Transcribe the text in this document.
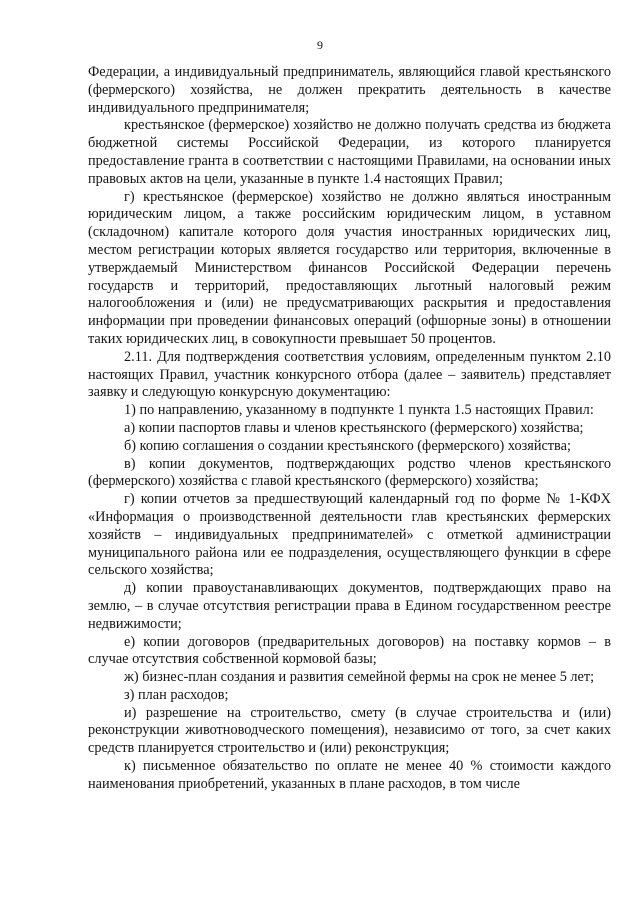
9

Федерации, а индивидуальный предприниматель, являющийся главой крестьянского (фермерского) хозяйства, не должен прекратить деятельность в качестве индивидуального предпринимателя;

крестьянское (фермерское) хозяйство не должно получать средства из бюджета бюджетной системы Российской Федерации, из которого планируется предоставление гранта в соответствии с настоящими Правилами, на основании иных правовых актов на цели, указанные в пункте 1.4 настоящих Правил;

г) крестьянское (фермерское) хозяйство не должно являться иностранным юридическим лицом, а также российским юридическим лицом, в уставном (складочном) капитале которого доля участия иностранных юридических лиц, местом регистрации которых является государство или территория, включенные в утверждаемый Министерством финансов Российской Федерации перечень государств и территорий, предоставляющих льготный налоговый режим налогообложения и (или) не предусматривающих раскрытия и предоставления информации при проведении финансовых операций (офшорные зоны) в отношении таких юридических лиц, в совокупности превышает 50 процентов.

2.11. Для подтверждения соответствия условиям, определенным пунктом 2.10 настоящих Правил, участник конкурсного отбора (далее – заявитель) представляет заявку и следующую конкурсную документацию:

1) по направлению, указанному в подпункте 1 пункта 1.5 настоящих Правил:

а) копии паспортов главы и членов крестьянского (фермерского) хозяйства;

б) копию соглашения о создании крестьянского (фермерского) хозяйства;

в) копии документов, подтверждающих родство членов крестьянского (фермерского) хозяйства с главой крестьянского (фермерского) хозяйства;

г) копии отчетов за предшествующий календарный год по форме № 1-КФХ «Информация о производственной деятельности глав крестьянских фермерских хозяйств – индивидуальных предпринимателей» с отметкой администрации муниципального района или ее подразделения, осуществляющего функции в сфере сельского хозяйства;

д) копии правоустанавливающих документов, подтверждающих право на землю, – в случае отсутствия регистрации права в Едином государственном реестре недвижимости;

е) копии договоров (предварительных договоров) на поставку кормов – в случае отсутствия собственной кормовой базы;

ж) бизнес-план создания и развития семейной фермы на срок не менее 5 лет;

з) план расходов;

и) разрешение на строительство, смету (в случае строительства и (или) реконструкции животноводческого помещения), независимо от того, за счет каких средств планируется строительство и (или) реконструкция;

к) письменное обязательство по оплате не менее 40 % стоимости каждого наименования приобретений, указанных в плане расходов, в том числе
